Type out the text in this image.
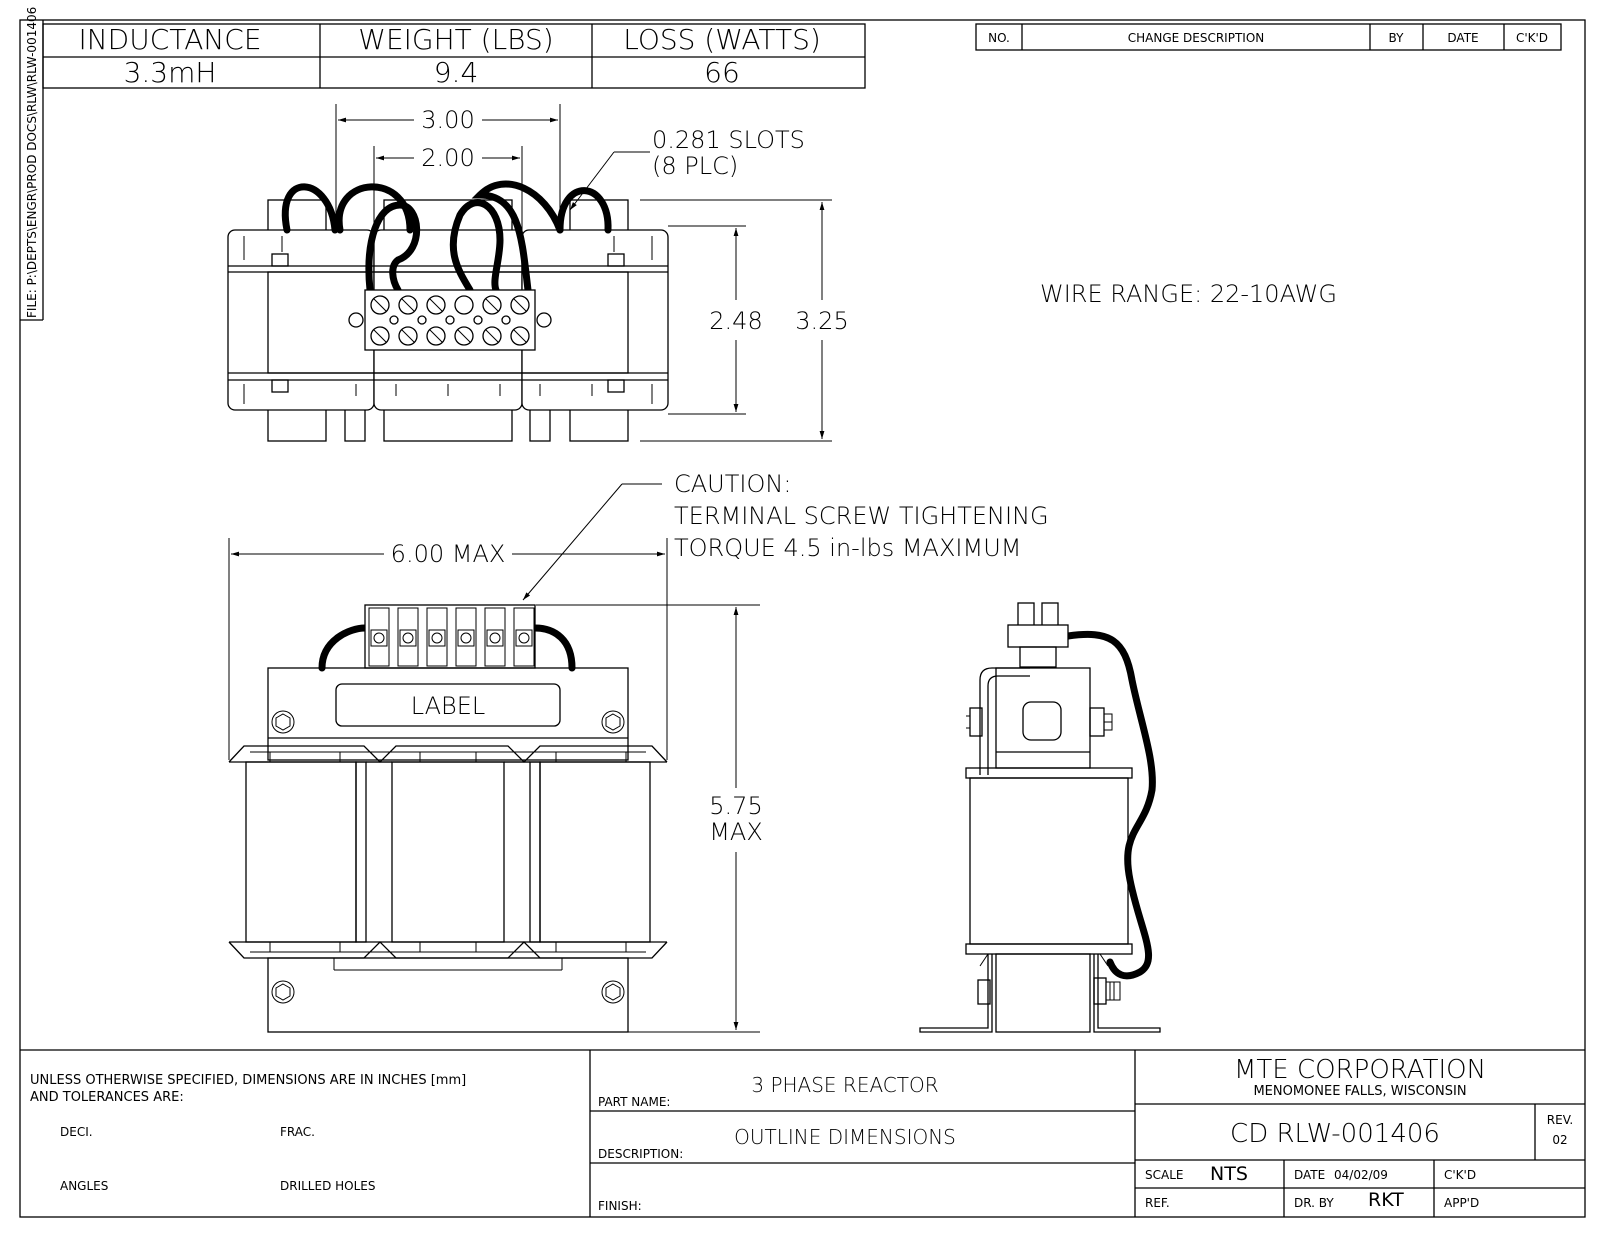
FILE: P:\DEPTS\ENGR\PROD DOCS\RLW\RLW-001406 INDUCTANCE	WEIGHT (LBS) LOSS (WATTS)
3.3mH	9.4	66
NO.	CHANGE DESCRIPTION	BY	DATE	C'K'D
3.00
2.00
0.281 SLOTS
(8 PLC)
2.48 3.25
WIRE RANGE: 22-10AWG
CAUTION:
TERMINAL SCREW TIGHTENING
TORQUE 4.5 in-lbs MAXIMUM
6.00 MAX
5.75
MAX
LABEL
UNLESS OTHERWISE SPECIFIED, DIMENSIONS ARE IN INCHES [mm]
AND TOLERANCES ARE:
DECI.	FRAC.
ANGLES	DRILLED HOLES
PART NAME:
3 PHASE REACTOR
DESCRIPTION:
OUTLINE DIMENSIONS
FINISH:
MTE CORPORATION
MENOMONEE FALLS, WISCONSIN
CD RLW-001406	REV.
02
SCALE NTS	DATE 04/02/09	C'K'D
REF.	DR. BY RKT	APP'D
